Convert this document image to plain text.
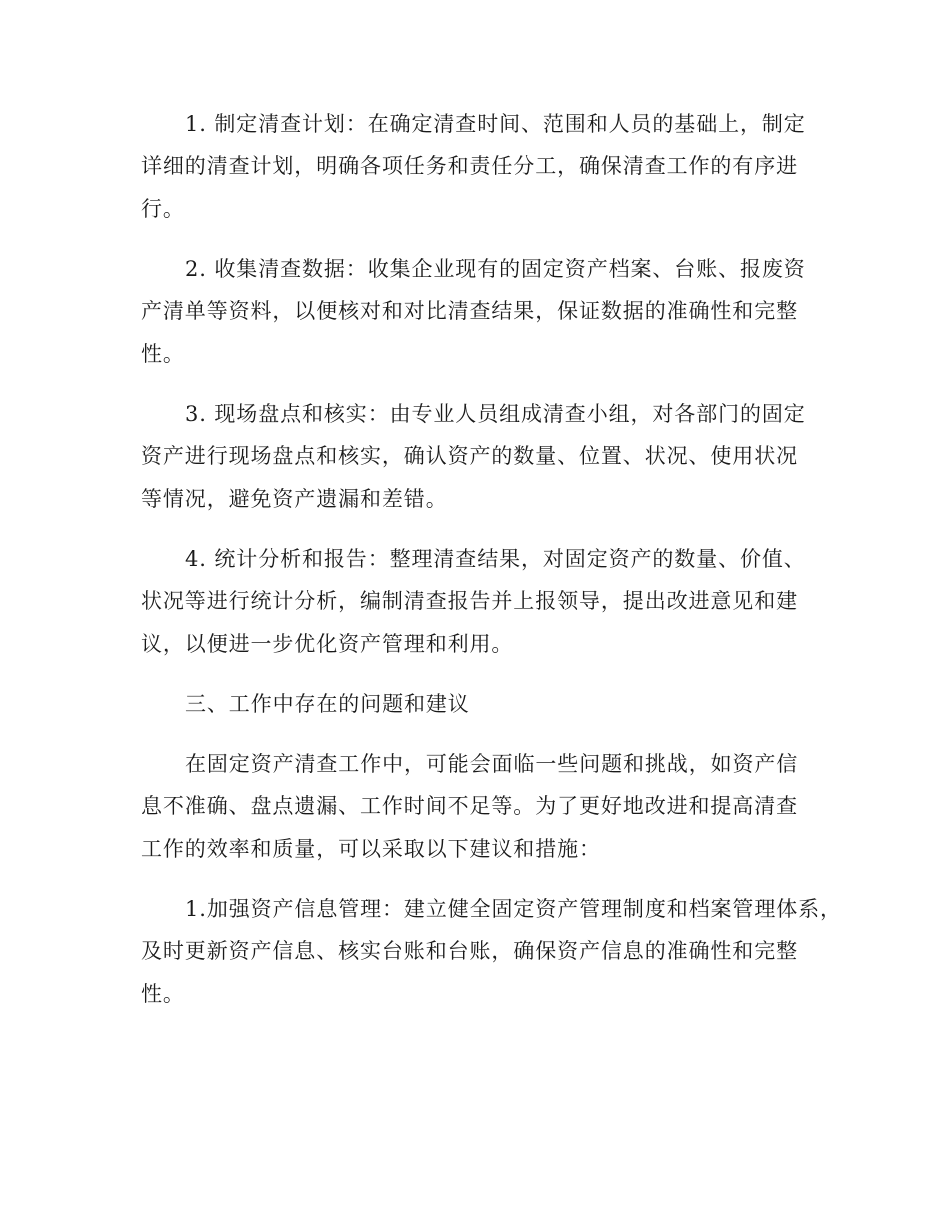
1. 制定清查计划：在确定清查时间、范围和人员的基础上，制定
详细的清查计划，明确各项任务和责任分工，确保清查工作的有序进
行。
2. 收集清查数据：收集企业现有的固定资产档案、台账、报废资
产清单等资料，以便核对和对比清查结果，保证数据的准确性和完整
性。
3. 现场盘点和核实：由专业人员组成清查小组，对各部门的固定
资产进行现场盘点和核实，确认资产的数量、位置、状况、使用状况
等情况，避免资产遗漏和差错。
4. 统计分析和报告：整理清查结果，对固定资产的数量、价值、
状况等进行统计分析，编制清查报告并上报领导，提出改进意见和建
议，以便进一步优化资产管理和利用。
三、工作中存在的问题和建议
在固定资产清查工作中，可能会面临一些问题和挑战，如资产信
息不准确、盘点遗漏、工作时间不足等。为了更好地改进和提高清查
工作的效率和质量，可以采取以下建议和措施：
1.加强资产信息管理：建立健全固定资产管理制度和档案管理体系，
及时更新资产信息、核实台账和台账，确保资产信息的准确性和完整
性。
